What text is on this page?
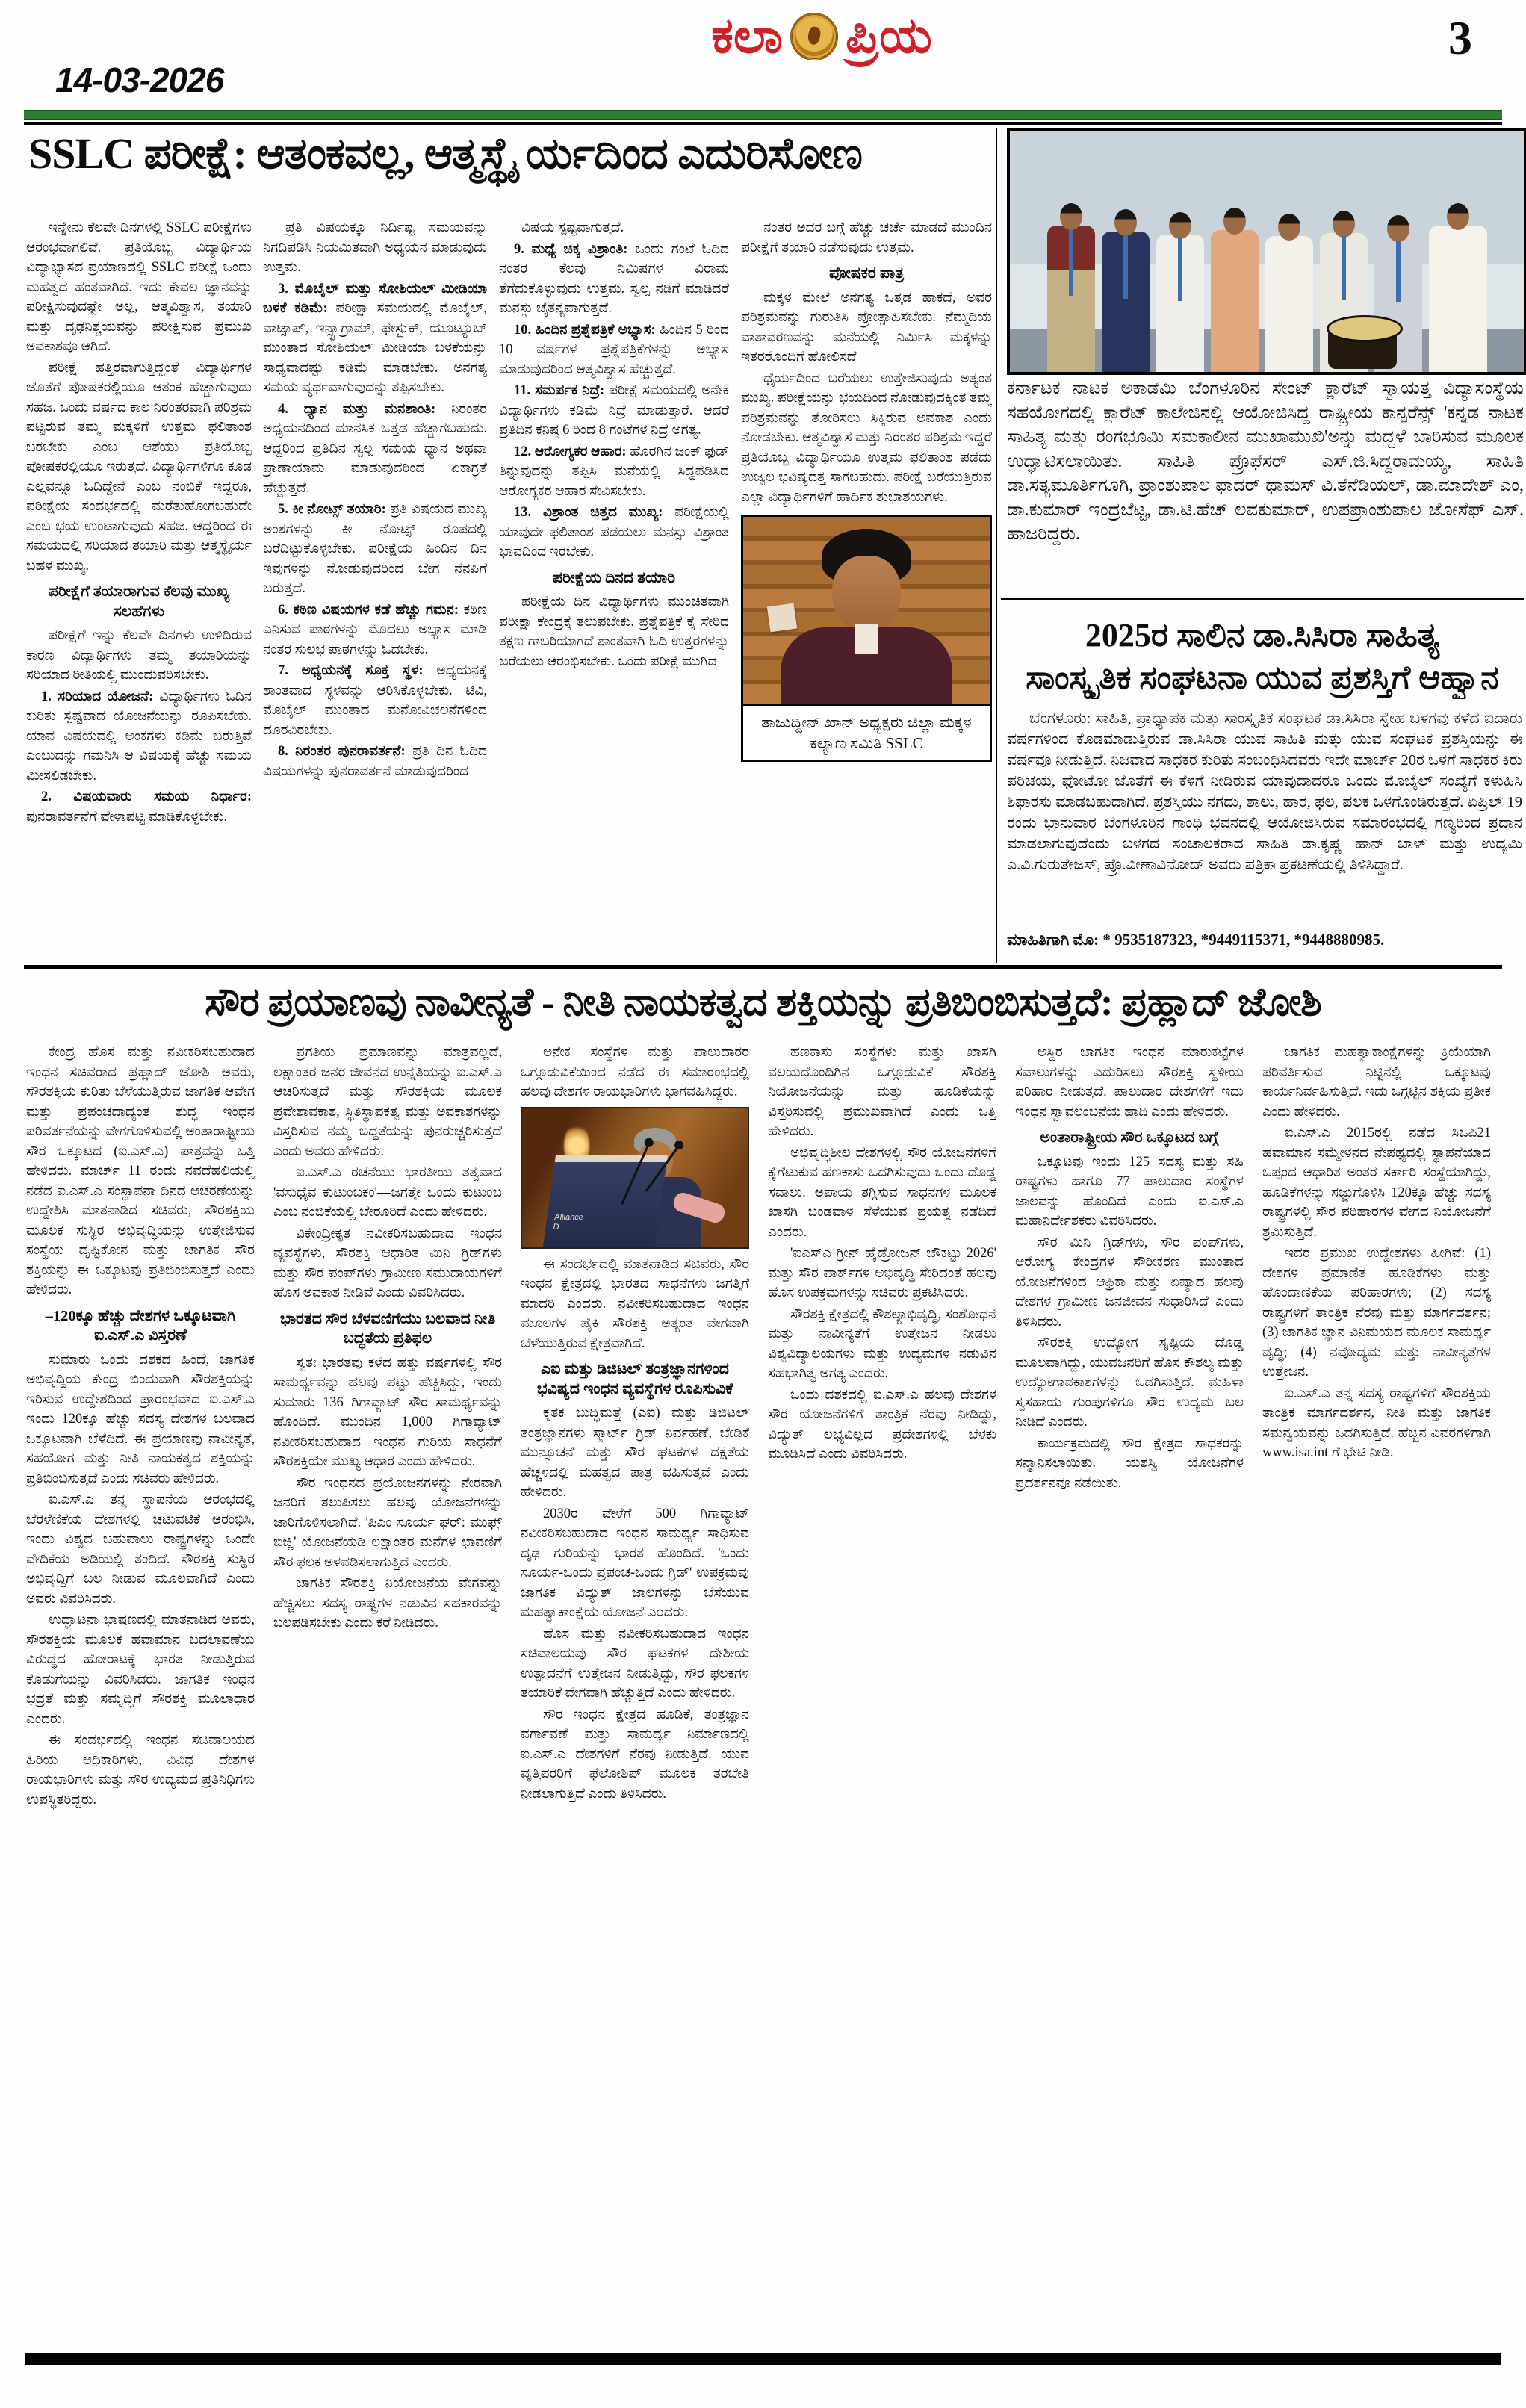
14-03-2026
ಕಲಾ ಪ್ರಿಯ	3
SSLC ಪರೀಕ್ಷೆ: ಆತಂಕವಲ್ಲ, ಆತ್ಮಸ್ಥೈ ರ್ಯದಿಂದ ಎದುರಿಸೋಣ

ಇನ್ನೇನು ಕೆಲವೇ ದಿನಗಳಲ್ಲಿ SSLC ಪರೀಕ್ಷೆಗಳು ಆರಂಭವಾಗಲಿವೆ. ಪ್ರತಿಯೊಬ್ಬ ವಿದ್ಯಾರ್ಥಿಯ ವಿದ್ಯಾಭ್ಯಾಸದ ಪ್ರಯಾಣದಲ್ಲಿ SSLC ಪರೀಕ್ಷೆ ಒಂದು ಮಹತ್ವದ ಹಂತವಾಗಿದೆ. ಇದು ಕೇವಲ ಜ್ಞಾನವನ್ನು ಪರೀಕ್ಷಿಸುವುದಷ್ಟೇ ಅಲ್ಲ, ಆತ್ಮವಿಶ್ವಾಸ, ತಯಾರಿ ಮತ್ತು ದೃಢನಿಶ್ಚಯವನ್ನು ಪರೀಕ್ಷಿಸುವ ಪ್ರಮುಖ ಅವಕಾಶವೂ ಆಗಿದೆ.

ಪರೀಕ್ಷೆ ಹತ್ತಿರವಾಗುತ್ತಿದ್ದಂತೆ ವಿದ್ಯಾರ್ಥಿಗಳ ಜೊತೆಗೆ ಪೋಷಕರಲ್ಲಿಯೂ ಆತಂಕ ಹೆಚ್ಚಾಗುವುದು ಸಹಜ. ಒಂದು ವರ್ಷದ ಕಾಲ ನಿರಂತರವಾಗಿ ಪರಿಶ್ರಮ ಪಟ್ಟಿರುವ ತಮ್ಮ ಮಕ್ಕಳಿಗೆ ಉತ್ತಮ ಫಲಿತಾಂಶ ಬರಬೇಕು ಎಂಬ ಆಶೆಯು ಪ್ರತಿಯೊಬ್ಬ ಪೋಷಕರಲ್ಲಿಯೂ ಇರುತ್ತದೆ. ವಿದ್ಯಾರ್ಥಿಗಳಿಗೂ ಕೂಡ ಎಲ್ಲವನ್ನೂ ಓದಿದ್ದೇನೆ ಎಂಬ ನಂಬಿಕೆ ಇದ್ದರೂ, ಪರೀಕ್ಷೆಯ ಸಂದರ್ಭದಲ್ಲಿ ಮರೆತುಹೋಗಬಹುದೇ ಎಂಬ ಭಯ ಉಂಟಾಗುವುದು ಸಹಜ. ಆದ್ದರಿಂದ ಈ ಸಮಯದಲ್ಲಿ ಸರಿಯಾದ ತಯಾರಿ ಮತ್ತು ಆತ್ಮಸ್ಥೈರ್ಯ ಬಹಳ ಮುಖ್ಯ.

ಪರೀಕ್ಷೆಗೆ ತಯಾರಾಗುವ ಕೆಲವು ಮುಖ್ಯ ಸಲಹೆಗಳು

ಪರೀಕ್ಷೆಗೆ ಇನ್ನು ಕೆಲವೇ ದಿನಗಳು ಉಳಿದಿರುವ ಕಾರಣ ವಿದ್ಯಾರ್ಥಿಗಳು ತಮ್ಮ ತಯಾರಿಯನ್ನು ಸರಿಯಾದ ರೀತಿಯಲ್ಲಿ ಮುಂದುವರಿಸಬೇಕು.

1. ಸರಿಯಾದ ಯೋಜನೆ: ವಿದ್ಯಾರ್ಥಿಗಳು ಓದಿನ ಕುರಿತು ಸ್ಪಷ್ಟವಾದ ಯೋಜನೆಯನ್ನು ರೂಪಿಸಬೇಕು. ಯಾವ ವಿಷಯದಲ್ಲಿ ಅಂಕಗಳು ಕಡಿಮೆ ಬರುತ್ತಿವೆ ಎಂಬುದನ್ನು ಗಮನಿಸಿ ಆ ವಿಷಯಕ್ಕೆ ಹೆಚ್ಚು ಸಮಯ ಮೀಸಲಿಡಬೇಕು.

2. ವಿಷಯವಾರು ಸಮಯ ನಿರ್ಧಾರ: ಪುನರಾವರ್ತನೆಗೆ ವೇಳಾಪಟ್ಟಿ ಮಾಡಿಕೊಳ್ಳಬೇಕು.

ಪ್ರತಿ ವಿಷಯಕ್ಕೂ ನಿರ್ದಿಷ್ಟ ಸಮಯವನ್ನು ನಿಗದಿಪಡಿಸಿ ನಿಯಮಿತವಾಗಿ ಅಧ್ಯಯನ ಮಾಡುವುದು ಉತ್ತಮ.

3. ಮೊಬೈಲ್ ಮತ್ತು ಸೋಶಿಯಲ್ ಮೀಡಿಯಾ ಬಳಕೆ ಕಡಿಮೆ: ಪರೀಕ್ಷಾ ಸಮಯದಲ್ಲಿ ಮೊಬೈಲ್, ವಾಟ್ಸಾಪ್, ಇನ್ಸ್ಟಾಗ್ರಾಮ್, ಫೇಸ್ಬುಕ್, ಯೂಟ್ಯೂಬ್ ಮುಂತಾದ ಸೋಶಿಯಲ್ ಮೀಡಿಯಾ ಬಳಕೆಯನ್ನು ಸಾಧ್ಯವಾದಷ್ಟು ಕಡಿಮೆ ಮಾಡಬೇಕು. ಅನಗತ್ಯ ಸಮಯ ವ್ಯರ್ಥವಾಗುವುದನ್ನು ತಪ್ಪಿಸಬೇಕು.

4. ಧ್ಯಾನ ಮತ್ತು ಮನಶಾಂತಿ: ನಿರಂತರ ಅಧ್ಯಯನದಿಂದ ಮಾನಸಿಕ ಒತ್ತಡ ಹೆಚ್ಚಾಗಬಹುದು. ಆದ್ದರಿಂದ ಪ್ರತಿದಿನ ಸ್ವಲ್ಪ ಸಮಯ ಧ್ಯಾನ ಅಥವಾ ಪ್ರಾಣಾಯಾಮ ಮಾಡುವುದರಿಂದ ಏಕಾಗ್ರತೆ ಹೆಚ್ಚುತ್ತದೆ.

5. ಕೀ ನೋಟ್ಸ್ ತಯಾರಿ: ಪ್ರತಿ ವಿಷಯದ ಮುಖ್ಯ ಅಂಶಗಳನ್ನು ಕೀ ನೋಟ್ಸ್ ರೂಪದಲ್ಲಿ ಬರೆದಿಟ್ಟುಕೊಳ್ಳಬೇಕು. ಪರೀಕ್ಷೆಯ ಹಿಂದಿನ ದಿನ ಇವುಗಳನ್ನು ನೋಡುವುದರಿಂದ ಬೇಗ ನೆನಪಿಗೆ ಬರುತ್ತದೆ.

6. ಕಠಿಣ ವಿಷಯಗಳ ಕಡೆ ಹೆಚ್ಚು ಗಮನ: ಕಠಿಣ ಎನಿಸುವ ಪಾಠಗಳನ್ನು ಮೊದಲು ಅಭ್ಯಾಸ ಮಾಡಿ ನಂತರ ಸುಲಭ ಪಾಠಗಳನ್ನು ಓದಬೇಕು.

7. ಅಧ್ಯಯನಕ್ಕೆ ಸೂಕ್ತ ಸ್ಥಳ: ಅಧ್ಯಯನಕ್ಕೆ ಶಾಂತವಾದ ಸ್ಥಳವನ್ನು ಆರಿಸಿಕೊಳ್ಳಬೇಕು. ಟಿವಿ, ಮೊಬೈಲ್ ಮುಂತಾದ ಮನೋವಿಚಲನೆಗಳಿಂದ ದೂರವಿರಬೇಕು.

8. ನಿರಂತರ ಪುನರಾವರ್ತನೆ: ಪ್ರತಿ ದಿನ ಓದಿದ ವಿಷಯಗಳನ್ನು ಪುನರಾವರ್ತನೆ ಮಾಡುವುದರಿಂದ

ವಿಷಯ ಸ್ಪಷ್ಟವಾಗುತ್ತದೆ.

9. ಮಧ್ಯೆ ಚಿಕ್ಕ ವಿಶ್ರಾಂತಿ: ಒಂದು ಗಂಟೆ ಓದಿದ ನಂತರ ಕೆಲವು ನಿಮಿಷಗಳ ವಿರಾಮ ತೆಗೆದುಕೊಳ್ಳುವುದು ಉತ್ತಮ. ಸ್ವಲ್ಪ ನಡಿಗೆ ಮಾಡಿದರೆ ಮನಸ್ಸು ಚೈತನ್ಯವಾಗುತ್ತದೆ.

10. ಹಿಂದಿನ ಪ್ರಶ್ನೆಪತ್ರಿಕೆ ಅಭ್ಯಾಸ: ಹಿಂದಿನ 5 ರಿಂದ 10 ವರ್ಷಗಳ ಪ್ರಶ್ನೆಪತ್ರಿಕೆಗಳನ್ನು ಅಭ್ಯಾಸ ಮಾಡುವುದರಿಂದ ಆತ್ಮವಿಶ್ವಾಸ ಹೆಚ್ಚುತ್ತದೆ.

11. ಸಮರ್ಪಕ ನಿದ್ರೆ: ಪರೀಕ್ಷೆ ಸಮಯದಲ್ಲಿ ಅನೇಕ ವಿದ್ಯಾರ್ಥಿಗಳು ಕಡಿಮೆ ನಿದ್ರೆ ಮಾಡುತ್ತಾರೆ. ಆದರೆ ಪ್ರತಿದಿನ ಕನಿಷ್ಠ 6 ರಿಂದ 8 ಗಂಟೆಗಳ ನಿದ್ರೆ ಅಗತ್ಯ.

12. ಆರೋಗ್ಯಕರ ಆಹಾರ: ಹೊರಗಿನ ಜಂಕ್ ಫುಡ್ ತಿನ್ನುವುದನ್ನು ತಪ್ಪಿಸಿ ಮನೆಯಲ್ಲಿ ಸಿದ್ಧಪಡಿಸಿದ ಆರೋಗ್ಯಕರ ಆಹಾರ ಸೇವಿಸಬೇಕು.

13. ವಿಶ್ರಾಂತ ಚಿತ್ತದ ಮುಖ್ಯ: ಪರೀಕ್ಷೆಯಲ್ಲಿ ಯಾವುದೇ ಫಲಿತಾಂಶ ಪಡೆಯಲು ಮನಸ್ಸು ವಿಶ್ರಾಂತ ಭಾವದಿಂದ ಇರಬೇಕು.

ಪರೀಕ್ಷೆಯ ದಿನದ ತಯಾರಿ

ಪರೀಕ್ಷೆಯ ದಿನ ವಿದ್ಯಾರ್ಥಿಗಳು ಮುಂಚಿತವಾಗಿ ಪರೀಕ್ಷಾ ಕೇಂದ್ರಕ್ಕೆ ತಲುಪಬೇಕು. ಪ್ರಶ್ನೆಪತ್ರಿಕೆ ಕೈ ಸೇರಿದ ತಕ್ಷಣ ಗಾಬರಿಯಾಗದೆ ಶಾಂತವಾಗಿ ಓದಿ ಉತ್ತರಗಳನ್ನು ಬರೆಯಲು ಆರಂಭಿಸಬೇಕು. ಒಂದು ಪರೀಕ್ಷೆ ಮುಗಿದ

ನಂತರ ಅದರ ಬಗ್ಗೆ ಹೆಚ್ಚು ಚರ್ಚೆ ಮಾಡದೆ ಮುಂದಿನ ಪರೀಕ್ಷೆಗೆ ತಯಾರಿ ನಡೆಸುವುದು ಉತ್ತಮ.

ಪೋಷಕರ ಪಾತ್ರ

ಮಕ್ಕಳ ಮೇಲೆ ಅನಗತ್ಯ ಒತ್ತಡ ಹಾಕದೆ, ಅವರ ಪರಿಶ್ರಮವನ್ನು ಗುರುತಿಸಿ ಪ್ರೋತ್ಸಾಹಿಸಬೇಕು. ನೆಮ್ಮದಿಯ ವಾತಾವರಣವನ್ನು ಮನೆಯಲ್ಲಿ ನಿರ್ಮಿಸಿ ಮಕ್ಕಳನ್ನು ಇತರರೊಂದಿಗೆ ಹೋಲಿಸದೆ

ಧೈರ್ಯದಿಂದ ಬರೆಯಲು ಉತ್ತೇಜಿಸುವುದು ಅತ್ಯಂತ ಮುಖ್ಯ. ಪರೀಕ್ಷೆಯನ್ನು ಭಯದಿಂದ ನೋಡುವುದಕ್ಕಿಂತ ತಮ್ಮ ಪರಿಶ್ರಮವನ್ನು ತೋರಿಸಲು ಸಿಕ್ಕಿರುವ ಅವಕಾಶ ಎಂದು ನೋಡಬೇಕು. ಆತ್ಮವಿಶ್ವಾಸ ಮತ್ತು ನಿರಂತರ ಪರಿಶ್ರಮ ಇದ್ದರೆ ಪ್ರತಿಯೊಬ್ಬ ವಿದ್ಯಾರ್ಥಿಯೂ ಉತ್ತಮ ಫಲಿತಾಂಶ ಪಡೆದು ಉಜ್ವಲ ಭವಿಷ್ಯದತ್ತ ಸಾಗಬಹುದು. ಪರೀಕ್ಷೆ ಬರೆಯುತ್ತಿರುವ ಎಲ್ಲಾ ವಿದ್ಯಾರ್ಥಿಗಳಿಗೆ ಹಾರ್ದಿಕ ಶುಭಾಶಯಗಳು.

ತಾಜುದ್ದೀನ್ ಖಾನ್ ಅಧ್ಯಕ್ಷರು ಜಿಲ್ಲಾ ಮಕ್ಕಳ ಕಲ್ಯಾಣ ಸಮಿತಿ SSLC
ಕರ್ನಾಟಕ ನಾಟಕ ಅಕಾಡೆಮಿ ಬೆಂಗಳೂರಿನ ಸೇಂಟ್ ಕ್ಲಾರೆಟ್ ಸ್ವಾಯತ್ತ ವಿದ್ಯಾಸಂಸ್ಥೆಯ ಸಹಯೋಗದಲ್ಲಿ ಕ್ಲಾರೆಟ್ ಕಾಲೇಜಿನಲ್ಲಿ ಆಯೋಜಿಸಿದ್ದ ರಾಷ್ಟ್ರೀಯ ಕಾನ್ಫರೆನ್ಸ್ 'ಕನ್ನಡ ನಾಟಕ ಸಾಹಿತ್ಯ ಮತ್ತು ರಂಗಭೂಮಿ ಸಮಕಾಲೀನ ಮುಖಾಮುಖಿ'ಅನ್ನು ಮದ್ದಳೆ ಬಾರಿಸುವ ಮೂಲಕ ಉದ್ಘಾಟಿಸಲಾಯಿತು. ಸಾಹಿತಿ ಪ್ರೊಫೆಸರ್ ಎಸ್.ಜಿ.ಸಿದ್ದರಾಮಯ್ಯ, ಸಾಹಿತಿ ಡಾ.ಸತ್ಯಮೂರ್ತಿಗೂಗಿ, ಪ್ರಾಂಶುಪಾಲ ಫಾದರ್ ಥಾಮಸ್ ವಿ.ತೆನೆಡಿಯಲ್, ಡಾ.ಮಾದೇಶ್ ಎಂ, ಡಾ.ಕುಮಾರ್ ಇಂದ್ರಬೆಟ್ಟ, ಡಾ.ಟಿ.ಹೆಚ್ ಲವಕುಮಾರ್, ಉಪಪ್ರಾಂಶುಪಾಲ ಜೋಸೆಫ್ ಎಸ್. ಹಾಜರಿದ್ದರು.
2025ರ ಸಾಲಿನ ಡಾ.ಸಿಸಿರಾ ಸಾಹಿತ್ಯ
ಸಾಂಸ್ಕೃತಿಕ ಸಂಘಟನಾ ಯುವ ಪ್ರಶಸ್ತಿಗೆ ಆಹ್ವಾನ

ಬೆಂಗಳೂರು: ಸಾಹಿತಿ, ಪ್ರಾಧ್ಯಾಪಕ ಮತ್ತು ಸಾಂಸ್ಕೃತಿಕ ಸಂಘಟಕ ಡಾ.ಸಿಸಿರಾ ಸ್ನೇಹ ಬಳಗವು ಕಳೆದ ಐದಾರು ವರ್ಷಗಳಿಂದ ಕೊಡಮಾಡುತ್ತಿರುವ ಡಾ.ಸಿಸಿರಾ ಯುವ ಸಾಹಿತಿ ಮತ್ತು ಯುವ ಸಂಘಟಕ ಪ್ರಶಸ್ತಿಯನ್ನು ಈ ವರ್ಷವೂ ನೀಡುತ್ತಿದೆ. ನಿಜವಾದ ಸಾಧಕರ ಕುರಿತು ಸಂಬಂಧಿಸಿದವರು ಇದೇ ಮಾರ್ಚ್ 20ರ ಒಳಗೆ ಸಾಧಕರ ಕಿರು ಪರಿಚಯ, ಫೋಟೋ ಜೊತೆಗೆ ಈ ಕೆಳಗೆ ನೀಡಿರುವ ಯಾವುದಾದರೂ ಒಂದು ಮೊಬೈಲ್ ಸಂಖ್ಯೆಗೆ ಕಳುಹಿಸಿ ಶಿಫಾರಸು ಮಾಡಬಹುದಾಗಿದೆ. ಪ್ರಶಸ್ತಿಯು ನಗದು, ಶಾಲು, ಹಾರ, ಫಲ, ಪಲಕ ಒಳಗೊಂಡಿರುತ್ತದೆ. ಏಪ್ರಿಲ್ 19 ರಂದು ಭಾನುವಾರ ಬೆಂಗಳೂರಿನ ಗಾಂಧಿ ಭವನದಲ್ಲಿ ಆಯೋಜಿಸಿರುವ ಸಮಾರಂಭದಲ್ಲಿ ಗಣ್ಯರಿಂದ ಪ್ರದಾನ ಮಾಡಲಾಗುವುದೆಂದು ಬಳಗದ ಸಂಚಾಲಕರಾದ ಸಾಹಿತಿ ಡಾ.ಕೃಷ್ಣ ಹಾನ್ ಬಾಳ್ ಮತ್ತು ಉದ್ಯಮಿ ಎ.ವಿ.ಗುರುತೇಜಸ್, ಪ್ರೊ.ವೀಣಾವಿನೋದ್ ಅವರು ಪತ್ರಿಕಾ ಪ್ರಕಟಣೆಯಲ್ಲಿ ತಿಳಿಸಿದ್ದಾರೆ.

ಮಾಹಿತಿಗಾಗಿ ಮೊ: * 9535187323, *9449115371, *9448880985.
ಸೌರ ಪ್ರಯಾಣವು ನಾವೀನ್ಯತೆ - ನೀತಿ ನಾಯಕತ್ವದ ಶಕ್ತಿಯನ್ನು ಪ್ರತಿಬಿಂಬಿಸುತ್ತದೆ: ಪ್ರಹ್ಲಾದ್ ಜೋಶಿ

ಕೇಂದ್ರ ಹೊಸ ಮತ್ತು ನವೀಕರಿಸಬಹುದಾದ ಇಂಧನ ಸಚಿವರಾದ ಪ್ರಹ್ಲಾದ್ ಜೋಶಿ ಅವರು, ಸೌರಶಕ್ತಿಯ ಕುರಿತು ಬೆಳೆಯುತ್ತಿರುವ ಜಾಗತಿಕ ಆವೇಗ ಮತ್ತು ಪ್ರಪಂಚದಾದ್ಯಂತ ಶುದ್ಧ ಇಂಧನ ಪರಿವರ್ತನೆಯನ್ನು ವೇಗಗೊಳಿಸುವಲ್ಲಿ ಅಂತಾರಾಷ್ಟ್ರೀಯ ಸೌರ ಒಕ್ಕೂಟದ (ಐ.ಎಸ್.ಎ) ಪಾತ್ರವನ್ನು ಒತ್ತಿ ಹೇಳಿದರು. ಮಾರ್ಚ್ 11 ರಂದು ನವದೆಹಲಿಯಲ್ಲಿ ನಡೆದ ಐ.ಎಸ್.ಎ ಸಂಸ್ಥಾಪನಾ ದಿನದ ಆಚರಣೆಯನ್ನು ಉದ್ದೇಶಿಸಿ ಮಾತನಾಡಿದ ಸಚಿವರು, ಸೌರಶಕ್ತಿಯ ಮೂಲಕ ಸುಸ್ಥಿರ ಅಭಿವೃದ್ಧಿಯನ್ನು ಉತ್ತೇಜಿಸುವ ಸಂಸ್ಥೆಯ ದೃಷ್ಟಿಕೋನ ಮತ್ತು ಜಾಗತಿಕ ಸೌರ ಶಕ್ತಿಯನ್ನು ಈ ಒಕ್ಕೂಟವು ಪ್ರತಿಬಿಂಬಿಸುತ್ತದೆ ಎಂದು ಹೇಳಿದರು.

–120ಕ್ಕೂ ಹೆಚ್ಚು ದೇಶಗಳ ಒಕ್ಕೂಟವಾಗಿ ಐ.ಎಸ್.ಎ ವಿಸ್ತರಣೆ

ಸುಮಾರು ಒಂದು ದಶಕದ ಹಿಂದೆ, ಜಾಗತಿಕ ಅಭಿವೃದ್ಧಿಯ ಕೇಂದ್ರ ಬಿಂದುವಾಗಿ ಸೌರಶಕ್ತಿಯನ್ನು ಇರಿಸುವ ಉದ್ದೇಶದಿಂದ ಪ್ರಾರಂಭವಾದ ಐ.ಎಸ್.ಎ ಇಂದು 120ಕ್ಕೂ ಹೆಚ್ಚು ಸದಸ್ಯ ದೇಶಗಳ ಬಲವಾದ ಒಕ್ಕೂಟವಾಗಿ ಬೆಳೆದಿದೆ. ಈ ಪ್ರಯಾಣವು ನಾವೀನ್ಯತೆ, ಸಹಯೋಗ ಮತ್ತು ನೀತಿ ನಾಯಕತ್ವದ ಶಕ್ತಿಯನ್ನು ಪ್ರತಿಬಿಂಬಿಸುತ್ತದೆ ಎಂದು ಸಚಿವರು ಹೇಳಿದರು.

ಐ.ಎಸ್.ಎ ತನ್ನ ಸ್ಥಾಪನೆಯ ಆರಂಭದಲ್ಲಿ ಬೆರಳೆಣಿಕೆಯ ದೇಶಗಳಲ್ಲಿ ಚಟುವಟಿಕೆ ಆರಂಭಿಸಿ, ಇಂದು ವಿಶ್ವದ ಬಹುಪಾಲು ರಾಷ್ಟ್ರಗಳನ್ನು ಒಂದೇ ವೇದಿಕೆಯ ಅಡಿಯಲ್ಲಿ ತಂದಿದೆ. ಸೌರಶಕ್ತಿ ಸುಸ್ಥಿರ ಅಭಿವೃದ್ಧಿಗೆ ಬಲ ನೀಡುವ ಮೂಲವಾಗಿದೆ ಎಂದು ಅವರು ವಿವರಿಸಿದರು.

ಉದ್ಘಾಟನಾ ಭಾಷಣದಲ್ಲಿ ಮಾತನಾಡಿದ ಅವರು, ಸೌರಶಕ್ತಿಯ ಮೂಲಕ ಹವಾಮಾನ ಬದಲಾವಣೆಯ ವಿರುದ್ಧದ ಹೋರಾಟಕ್ಕೆ ಭಾರತ ನೀಡುತ್ತಿರುವ ಕೊಡುಗೆಯನ್ನು ವಿವರಿಸಿದರು. ಜಾಗತಿಕ ಇಂಧನ ಭದ್ರತೆ ಮತ್ತು ಸಮೃದ್ಧಿಗೆ ಸೌರಶಕ್ತಿ ಮೂಲಾಧಾರ ಎಂದರು.

ಈ ಸಂದರ್ಭದಲ್ಲಿ ಇಂಧನ ಸಚಿವಾಲಯದ ಹಿರಿಯ ಅಧಿಕಾರಿಗಳು, ವಿವಿಧ ದೇಶಗಳ ರಾಯಭಾರಿಗಳು ಮತ್ತು ಸೌರ ಉದ್ಯಮದ ಪ್ರತಿನಿಧಿಗಳು ಉಪಸ್ಥಿತರಿದ್ದರು.

ಪ್ರಗತಿಯ ಪ್ರಮಾಣವನ್ನು ಮಾತ್ರವಲ್ಲದೆ, ಲಕ್ಷಾಂತರ ಜನರ ಜೀವನದ ಉನ್ನತಿಯನ್ನು ಐ.ಎಸ್.ಎ ಆಚರಿಸುತ್ತದೆ ಮತ್ತು ಸೌರಶಕ್ತಿಯ ಮೂಲಕ ಪ್ರವೇಶಾವಕಾಶ, ಸ್ಥಿತಿಸ್ಥಾಪಕತ್ವ ಮತ್ತು ಅವಕಾಶಗಳನ್ನು ವಿಸ್ತರಿಸುವ ನಮ್ಮ ಬದ್ಧತೆಯನ್ನು ಪುನರುಚ್ಚರಿಸುತ್ತದೆ ಎಂದು ಅವರು ಹೇಳಿದರು.

ಐ.ಎಸ್.ಎ ರಚನೆಯು ಭಾರತೀಯ ತತ್ವವಾದ 'ವಸುಧೈವ ಕುಟುಂಬಕಂ'—ಜಗತ್ತೇ ಒಂದು ಕುಟುಂಬ ಎಂಬ ನಂಬಿಕೆಯಲ್ಲಿ ಬೇರೂರಿದೆ ಎಂದು ಹೇಳಿದರು.

ವಿಕೇಂದ್ರೀಕೃತ ನವೀಕರಿಸಬಹುದಾದ ಇಂಧನ ವ್ಯವಸ್ಥೆಗಳು, ಸೌರಶಕ್ತಿ ಆಧಾರಿತ ಮಿನಿ ಗ್ರಿಡ್‌ಗಳು ಮತ್ತು ಸೌರ ಪಂಪ್‌ಗಳು ಗ್ರಾಮೀಣ ಸಮುದಾಯಗಳಿಗೆ ಹೊಸ ಅವಕಾಶ ನೀಡಿವೆ ಎಂದು ವಿವರಿಸಿದರು.

ಭಾರತದ ಸೌರ ಬೆಳವಣಿಗೆಯು ಬಲವಾದ ನೀತಿ ಬದ್ಧತೆಯ ಪ್ರತಿಫಲ

ಸ್ವತಃ ಭಾರತವು ಕಳೆದ ಹತ್ತು ವರ್ಷಗಳಲ್ಲಿ ಸೌರ ಸಾಮರ್ಥ್ಯವನ್ನು ಹಲವು ಪಟ್ಟು ಹೆಚ್ಚಿಸಿದ್ದು, ಇಂದು ಸುಮಾರು 136 ಗಿಗಾವ್ಯಾಟ್ ಸೌರ ಸಾಮರ್ಥ್ಯವನ್ನು ಹೊಂದಿದೆ. ಮುಂದಿನ 1,000 ಗಿಗಾವ್ಯಾಟ್ ನವೀಕರಿಸಬಹುದಾದ ಇಂಧನ ಗುರಿಯ ಸಾಧನೆಗೆ ಸೌರಶಕ್ತಿಯೇ ಮುಖ್ಯ ಆಧಾರ ಎಂದು ಹೇಳಿದರು.

ಸೌರ ಇಂಧನದ ಪ್ರಯೋಜನಗಳನ್ನು ನೇರವಾಗಿ ಜನರಿಗೆ ತಲುಪಿಸಲು ಹಲವು ಯೋಜನೆಗಳನ್ನು ಜಾರಿಗೊಳಿಸಲಾಗಿದೆ. 'ಪಿಎಂ ಸೂರ್ಯ ಘರ್: ಮುಫ್ತ್ ಬಿಜ್ಲಿ' ಯೋಜನೆಯಡಿ ಲಕ್ಷಾಂತರ ಮನೆಗಳ ಛಾವಣಿಗೆ ಸೌರ ಫಲಕ ಅಳವಡಿಸಲಾಗುತ್ತಿದೆ ಎಂದರು.

ಜಾಗತಿಕ ಸೌರಶಕ್ತಿ ನಿಯೋಜನೆಯ ವೇಗವನ್ನು ಹೆಚ್ಚಿಸಲು ಸದಸ್ಯ ರಾಷ್ಟ್ರಗಳ ನಡುವಿನ ಸಹಕಾರವನ್ನು ಬಲಪಡಿಸಬೇಕು ಎಂದು ಕರೆ ನೀಡಿದರು.

ಅನೇಕ ಸಂಸ್ಥೆಗಳ ಮತ್ತು ಪಾಲುದಾರರ ಒಗ್ಗೂಡುವಿಕೆಯಿಂದ ನಡೆದ ಈ ಸಮಾರಂಭದಲ್ಲಿ ಹಲವು ದೇಶಗಳ ರಾಯಭಾರಿಗಳು ಭಾಗವಹಿಸಿದ್ದರು.

Alliance
D

ಈ ಸಂದರ್ಭದಲ್ಲಿ ಮಾತನಾಡಿದ ಸಚಿವರು, ಸೌರ ಇಂಧನ ಕ್ಷೇತ್ರದಲ್ಲಿ ಭಾರತದ ಸಾಧನೆಗಳು ಜಗತ್ತಿಗೆ ಮಾದರಿ ಎಂದರು. ನವೀಕರಿಸಬಹುದಾದ ಇಂಧನ ಮೂಲಗಳ ಪೈಕಿ ಸೌರಶಕ್ತಿ ಅತ್ಯಂತ ವೇಗವಾಗಿ ಬೆಳೆಯುತ್ತಿರುವ ಕ್ಷೇತ್ರವಾಗಿದೆ.

ಎಐ ಮತ್ತು ಡಿಜಿಟಲ್ ತಂತ್ರಜ್ಞಾನಗಳಿಂದ ಭವಿಷ್ಯದ ಇಂಧನ ವ್ಯವಸ್ಥೆಗಳ ರೂಪಿಸುವಿಕೆ

ಕೃತಕ ಬುದ್ಧಿಮತ್ತೆ (ಎಐ) ಮತ್ತು ಡಿಜಿಟಲ್ ತಂತ್ರಜ್ಞಾನಗಳು ಸ್ಮಾರ್ಟ್ ಗ್ರಿಡ್ ನಿರ್ವಹಣೆ, ಬೇಡಿಕೆ ಮುನ್ಸೂಚನೆ ಮತ್ತು ಸೌರ ಘಟಕಗಳ ದಕ್ಷತೆಯ ಹೆಚ್ಚಳದಲ್ಲಿ ಮಹತ್ವದ ಪಾತ್ರ ವಹಿಸುತ್ತವೆ ಎಂದು ಹೇಳಿದರು.

2030ರ ವೇಳೆಗೆ 500 ಗಿಗಾವ್ಯಾಟ್ ನವೀಕರಿಸಬಹುದಾದ ಇಂಧನ ಸಾಮರ್ಥ್ಯ ಸಾಧಿಸುವ ದೃಢ ಗುರಿಯನ್ನು ಭಾರತ ಹೊಂದಿದೆ. 'ಒಂದು ಸೂರ್ಯ-ಒಂದು ಪ್ರಪಂಚ-ಒಂದು ಗ್ರಿಡ್' ಉಪಕ್ರಮವು ಜಾಗತಿಕ ವಿದ್ಯುತ್ ಜಾಲಗಳನ್ನು ಬೆಸೆಯುವ ಮಹತ್ವಾಕಾಂಕ್ಷೆಯ ಯೋಜನೆ ಎ೦ದರು.

ಹೊಸ ಮತ್ತು ನವೀಕರಿಸಬಹುದಾದ ಇಂಧನ ಸಚಿವಾಲಯವು ಸೌರ ಘಟಕಗಳ ದೇಶೀಯ ಉತ್ಪಾದನೆಗೆ ಉತ್ತೇಜನ ನೀಡುತ್ತಿದ್ದು, ಸೌರ ಫಲಕಗಳ ತಯಾರಿಕೆ ವೇಗವಾಗಿ ಹೆಚ್ಚುತ್ತಿದೆ ಎಂದು ಹೇಳಿದರು.

ಸೌರ ಇಂಧನ ಕ್ಷೇತ್ರದ ಹೂಡಿಕೆ, ತಂತ್ರಜ್ಞಾನ ವರ್ಗಾವಣೆ ಮತ್ತು ಸಾಮರ್ಥ್ಯ ನಿರ್ಮಾಣದಲ್ಲಿ ಐ.ಎಸ್.ಎ ದೇಶಗಳಿಗೆ ನೆರವು ನೀಡುತ್ತಿದೆ. ಯುವ ವೃತ್ತಿಪರರಿಗೆ ಫೆಲೋಶಿಪ್ ಮೂಲಕ ತರಬೇತಿ ನೀಡಲಾಗುತ್ತಿದೆ ಎಂದು ತಿಳಿಸಿದರು.

ಹಣಕಾಸು ಸಂಸ್ಥೆಗಳು ಮತ್ತು ಖಾಸಗಿ ವಲಯದೊಂದಿಗಿನ ಒಗ್ಗೂಡುವಿಕೆ ಸೌರಶಕ್ತಿ ನಿಯೋಜನೆಯನ್ನು ಮತ್ತು ಹೂಡಿಕೆಯನ್ನು ವಿಸ್ತರಿಸುವಲ್ಲಿ ಪ್ರಮುಖವಾಗಿದೆ ಎಂದು ಒತ್ತಿ ಹೇಳಿದರು.

ಅಭಿವೃದ್ಧಿಶೀಲ ದೇಶಗಳಲ್ಲಿ ಸೌರ ಯೋಜನೆಗಳಿಗೆ ಕೈಗೆಟುಕುವ ಹಣಕಾಸು ಒದಗಿಸುವುದು ಒಂದು ದೊಡ್ಡ ಸವಾಲು. ಅಪಾಯ ತಗ್ಗಿಸುವ ಸಾಧನಗಳ ಮೂಲಕ ಖಾಸಗಿ ಬಂಡವಾಳ ಸೆಳೆಯುವ ಪ್ರಯತ್ನ ನಡೆದಿದೆ ಎಂದರು.

'ಐಎಸ್ಎ ಗ್ರೀನ್ ಹೈಡ್ರೋಜನ್ ಚೌಕಟ್ಟು 2026' ಮತ್ತು ಸೌರ ಪಾರ್ಕ್‌ಗಳ ಅಭಿವೃದ್ಧಿ ಸೇರಿದಂತೆ ಹಲವು ಹೊಸ ಉಪಕ್ರಮಗಳನ್ನು ಸಚಿವರು ಪ್ರಕಟಿಸಿದರು.

ಸೌರಶಕ್ತಿ ಕ್ಷೇತ್ರದಲ್ಲಿ ಕೌಶಲ್ಯಾಭಿವೃದ್ಧಿ, ಸಂಶೋಧನೆ ಮತ್ತು ನಾವೀನ್ಯತೆಗೆ ಉತ್ತೇಜನ ನೀಡಲು ವಿಶ್ವವಿದ್ಯಾಲಯಗಳು ಮತ್ತು ಉದ್ಯಮಗಳ ನಡುವಿನ ಸಹಭಾಗಿತ್ವ ಅಗತ್ಯ ಎಂದರು.

ಒಂದು ದಶಕದಲ್ಲಿ ಐ.ಎಸ್.ಎ ಹಲವು ದೇಶಗಳ ಸೌರ ಯೋಜನೆಗಳಿಗೆ ತಾಂತ್ರಿಕ ನೆರವು ನೀಡಿದ್ದು, ವಿದ್ಯುತ್ ಲಭ್ಯವಿಲ್ಲದ ಪ್ರದೇಶಗಳಲ್ಲಿ ಬೆಳಕು ಮೂಡಿಸಿದೆ ಎಂದು ವಿವರಿಸಿದರು.

ಅಸ್ಥಿರ ಜಾಗತಿಕ ಇಂಧನ ಮಾರುಕಟ್ಟೆಗಳ ಸವಾಲುಗಳನ್ನು ಎದುರಿಸಲು ಸೌರಶಕ್ತಿ ಸ್ಥಳೀಯ ಪರಿಹಾರ ನೀಡುತ್ತದೆ. ಪಾಲುದಾರ ದೇಶಗಳಿಗೆ ಇದು ಇಂಧನ ಸ್ವಾವಲಂಬನೆಯ ಹಾದಿ ಎಂದು ಹೇಳಿದರು.

ಅಂತಾರಾಷ್ಟ್ರೀಯ ಸೌರ ಒಕ್ಕೂಟದ ಬಗ್ಗೆ

ಒಕ್ಕೂಟವು ಇಂದು 125 ಸದಸ್ಯ ಮತ್ತು ಸಹಿ ರಾಷ್ಟ್ರಗಳು ಹಾಗೂ 77 ಪಾಲುದಾರ ಸಂಸ್ಥೆಗಳ ಜಾಲವನ್ನು ಹೊಂದಿದೆ ಎಂದು ಐ.ಎಸ್.ಎ ಮಹಾನಿರ್ದೇಶಕರು ವಿವರಿಸಿದರು.

ಸೌರ ಮಿನಿ ಗ್ರಿಡ್‌ಗಳು, ಸೌರ ಪಂಪ್‌ಗಳು, ಆರೋಗ್ಯ ಕೇಂದ್ರಗಳ ಸೌರೀಕರಣ ಮುಂತಾದ ಯೋಜನೆಗಳಿಂದ ಆಫ್ರಿಕಾ ಮತ್ತು ಏಷ್ಯಾದ ಹಲವು ದೇಶಗಳ ಗ್ರಾಮೀಣ ಜನಜೀವನ ಸುಧಾರಿಸಿದೆ ಎಂದು ತಿಳಿಸಿದರು.

ಸೌರಶಕ್ತಿ ಉದ್ಯೋಗ ಸೃಷ್ಟಿಯ ದೊಡ್ಡ ಮೂಲವಾಗಿದ್ದು, ಯುವಜನರಿಗೆ ಹೊಸ ಕೌಶಲ್ಯ ಮತ್ತು ಉದ್ಯೋಗಾವಕಾಶಗಳನ್ನು ಒದಗಿಸುತ್ತಿದೆ. ಮಹಿಳಾ ಸ್ವಸಹಾಯ ಗುಂಪುಗಳಿಗೂ ಸೌರ ಉದ್ಯಮ ಬಲ ನೀಡಿದೆ ಎಂದರು.

ಕಾರ್ಯಕ್ರಮದಲ್ಲಿ ಸೌರ ಕ್ಷೇತ್ರದ ಸಾಧಕರನ್ನು ಸನ್ಮಾನಿಸಲಾಯಿತು. ಯಶಸ್ವಿ ಯೋಜನೆಗಳ ಪ್ರದರ್ಶನವೂ ನಡೆಯಿತು.

ಜಾಗತಿಕ ಮಹತ್ವಾಕಾಂಕ್ಷೆಗಳನ್ನು ಕ್ರಿಯೆಯಾಗಿ ಪರಿವರ್ತಿಸುವ ನಿಟ್ಟಿನಲ್ಲಿ ಒಕ್ಕೂಟವು ಕಾರ್ಯನಿರ್ವಹಿಸುತ್ತಿದೆ. ಇದು ಒಗ್ಗಟ್ಟಿನ ಶಕ್ತಿಯ ಪ್ರತೀಕ ಎಂದು ಹೇಳಿದರು.

ಐ.ಎಸ್.ಎ 2015ರಲ್ಲಿ ನಡೆದ ಸಿಒಪಿ21 ಹವಾಮಾನ ಸಮ್ಮೇಳನದ ನೇಪಥ್ಯದಲ್ಲಿ ಸ್ಥಾಪನೆಯಾದ ಒಪ್ಪಂದ ಆಧಾರಿತ ಅಂತರ ಸರ್ಕಾರಿ ಸಂಸ್ಥೆಯಾಗಿದ್ದು, ಹೂಡಿಕೆಗಳನ್ನು ಸಜ್ಜುಗೊಳಿಸಿ 120ಕ್ಕೂ ಹೆಚ್ಚು ಸದಸ್ಯ ರಾಷ್ಟ್ರಗಳಲ್ಲಿ ಸೌರ ಪರಿಹಾರಗಳ ವೇಗದ ನಿಯೋಜನೆಗೆ ಶ್ರಮಿಸುತ್ತಿದೆ.

ಇದರ ಪ್ರಮುಖ ಉದ್ದೇಶಗಳು ಹೀಗಿವೆ: (1) ದೇಶಗಳ ಪ್ರಮಾಣಿತ ಹೂಡಿಕೆಗಳು ಮತ್ತು ಹೊಂದಾಣಿಕೆಯ ಪರಿಹಾರಗಳು; (2) ಸದಸ್ಯ ರಾಷ್ಟ್ರಗಳಿಗೆ ತಾಂತ್ರಿಕ ನೆರವು ಮತ್ತು ಮಾರ್ಗದರ್ಶನ; (3) ಜಾಗತಿಕ ಜ್ಞಾನ ವಿನಿಮಯದ ಮೂಲಕ ಸಾಮರ್ಥ್ಯ ವೃದ್ಧಿ; (4) ನವೋದ್ಯಮ ಮತ್ತು ನಾವೀನ್ಯತೆಗಳ ಉತ್ತೇಜನ.

ಐ.ಎಸ್.ಎ ತನ್ನ ಸದಸ್ಯ ರಾಷ್ಟ್ರಗಳಿಗೆ ಸೌರಶಕ್ತಿಯ ತಾಂತ್ರಿಕ ಮಾರ್ಗದರ್ಶನ, ನೀತಿ ಮತ್ತು ಜಾಗತಿಕ ಸಮನ್ವಯವನ್ನು ಒದಗಿಸುತ್ತಿದೆ. ಹೆಚ್ಚಿನ ವಿವರಗಳಿಗಾಗಿ www.isa.int ಗೆ ಭೇಟಿ ನೀಡಿ.
